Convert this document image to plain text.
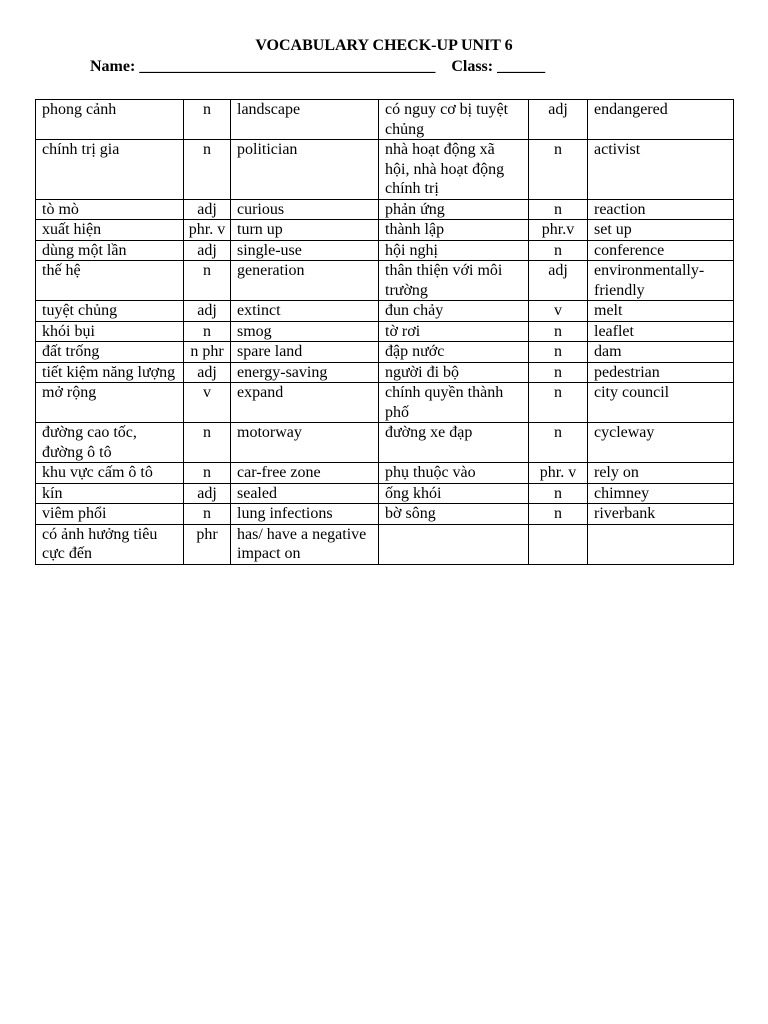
VOCABULARY CHECK-UP UNIT 6
Name: _____________________________________    Class: ______
phong cảnh	n	landscape	có nguy cơ bị tuyệt chủng	adj	endangered
chính trị gia	n	politician	nhà hoạt động xã hội, nhà hoạt động chính trị	n	activist
tò mò	adj	curious	phản ứng	n	reaction
xuất hiện	phr. v	turn up	thành lập	phr.v	set up
dùng một lần	adj	single-use	hội nghị	n	conference
thế hệ	n	generation	thân thiện với môi trường	adj	environmentally-friendly
tuyệt chủng	adj	extinct	đun chảy	v	melt
khói bụi	n	smog	tờ rơi	n	leaflet
đất trống	n phr	spare land	đập nước	n	dam
tiết kiệm năng lượng	adj	energy-saving	người đi bộ	n	pedestrian
mở rộng	v	expand	chính quyền thành phố	n	city council
đường cao tốc, đường ô tô	n	motorway	đường xe đạp	n	cycleway
khu vực cấm ô tô	n	car-free zone	phụ thuộc vào	phr. v	rely on
kín	adj	sealed	ống khói	n	chimney
viêm phổi	n	lung infections	bờ sông	n	riverbank
có ảnh hưởng tiêu cực đến	phr	has/ have a negative impact on			
